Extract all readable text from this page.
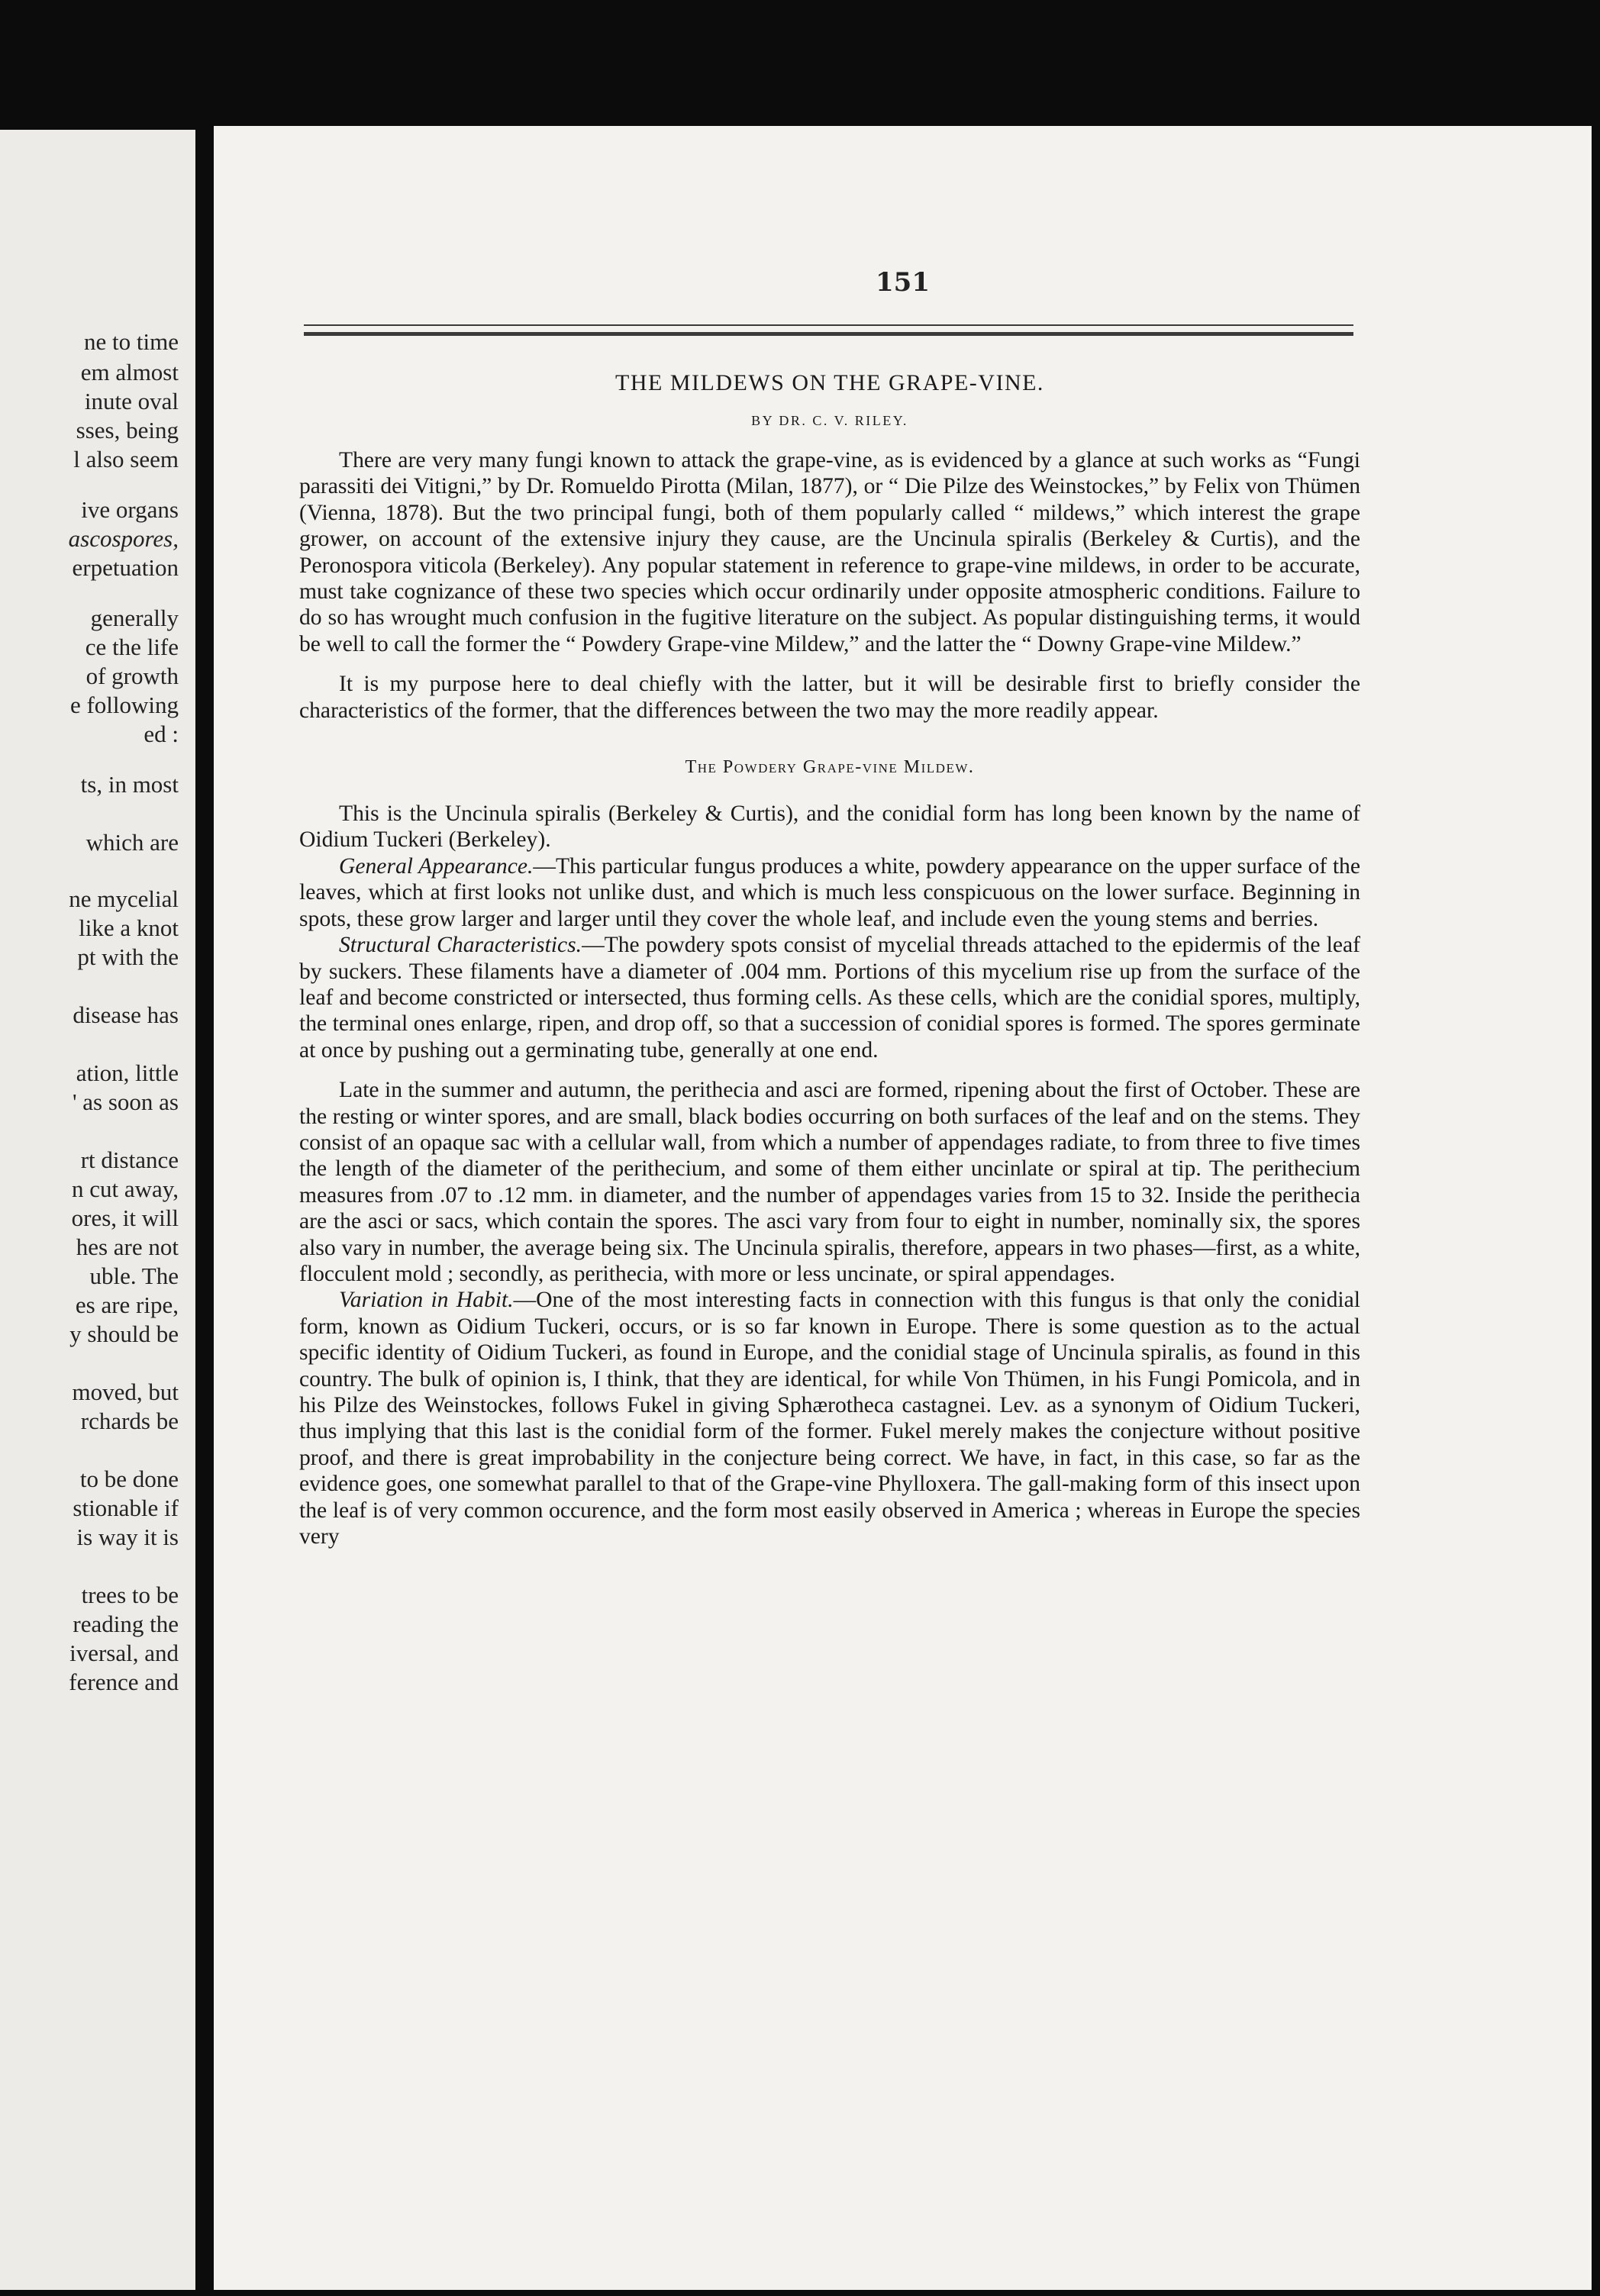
ne to time

em almost

inute oval

sses, being

l also seem

ive organs

ascospores,

erpetuation

generally

ce the life

of growth

e following

ed :

ts, in most

which are

ne mycelial

like a knot

pt with the

disease has

ation, little

' as soon as

rt distance

n cut away,

ores, it will

hes are not

uble. The

es are ripe,

y should be

moved, but

rchards be

to be done

stionable if

is way it is

trees to be

reading the

iversal, and

ference and

151
THE MILDEWS ON THE GRAPE-VINE.
BY DR. C. V. RILEY.

There are very many fungi known to attack the grape-vine, as is evidenced by a glance at such works as “Fungi parassiti dei Vitigni,” by Dr. Romueldo Pirotta (Milan, 1877), or “ Die Pilze des Weinstockes,” by Felix von Thümen (Vienna, 1878). But the two principal fungi, both of them popularly called “ mildews,” which interest the grape grower, on account of the extensive injury they cause, are the Uncinula spiralis (Berkeley & Curtis), and the Peronospora viticola (Berkeley). Any popular statement in reference to grape-vine mildews, in order to be accurate, must take cognizance of these two species which occur ordinarily under opposite atmospheric conditions. Failure to do so has wrought much confusion in the fugitive literature on the subject. As popular distinguishing terms, it would be well to call the former the “ Powdery Grape-vine Mildew,” and the latter the “ Downy Grape-vine Mildew.”

It is my purpose here to deal chiefly with the latter, but it will be desirable first to briefly consider the characteristics of the former, that the differences between the two may the more readily appear.

The Powdery Grape-vine Mildew.

This is the Uncinula spiralis (Berkeley & Curtis), and the conidial form has long been known by the name of Oidium Tuckeri (Berkeley).

General Appearance.—This particular fungus produces a white, powdery appearance on the upper surface of the leaves, which at first looks not unlike dust, and which is much less conspicuous on the lower surface. Beginning in spots, these grow larger and larger until they cover the whole leaf, and include even the young stems and berries.

Structural Characteristics.—The powdery spots consist of mycelial threads attached to the epidermis of the leaf by suckers. These filaments have a diameter of .004 mm. Portions of this mycelium rise up from the surface of the leaf and become constricted or intersected, thus forming cells. As these cells, which are the conidial spores, multiply, the terminal ones enlarge, ripen, and drop off, so that a succession of conidial spores is formed. The spores germinate at once by pushing out a germinating tube, generally at one end.

Late in the summer and autumn, the perithecia and asci are formed, ripening about the first of October. These are the resting or winter spores, and are small, black bodies occurring on both surfaces of the leaf and on the stems. They consist of an opaque sac with a cellular wall, from which a number of appendages radiate, to from three to five times the length of the diameter of the perithecium, and some of them either uncinlate or spiral at tip. The perithecium measures from .07 to .12 mm. in diameter, and the number of appendages varies from 15 to 32. Inside the perithecia are the asci or sacs, which contain the spores. The asci vary from four to eight in number, nominally six, the spores also vary in number, the average being six. The Uncinula spiralis, therefore, appears in two phases—first, as a white, flocculent mold ; secondly, as perithecia, with more or less uncinate, or spiral appendages.

Variation in Habit.—One of the most interesting facts in connection with this fungus is that only the conidial form, known as Oidium Tuckeri, occurs, or is so far known in Europe. There is some question as to the actual specific identity of Oidium Tuckeri, as found in Europe, and the conidial stage of Uncinula spiralis, as found in this country. The bulk of opinion is, I think, that they are identical, for while Von Thümen, in his Fungi Pomicola, and in his Pilze des Weinstockes, follows Fukel in giving Sphærotheca castagnei. Lev. as a synonym of Oidium Tuckeri, thus implying that this last is the conidial form of the former. Fukel merely makes the conjecture without positive proof, and there is great improbability in the conjecture being correct. We have, in fact, in this case, so far as the evidence goes, one somewhat parallel to that of the Grape-vine Phylloxera. The gall-making form of this insect upon the leaf is of very common occurence, and the form most easily observed in America ; whereas in Europe the species very
